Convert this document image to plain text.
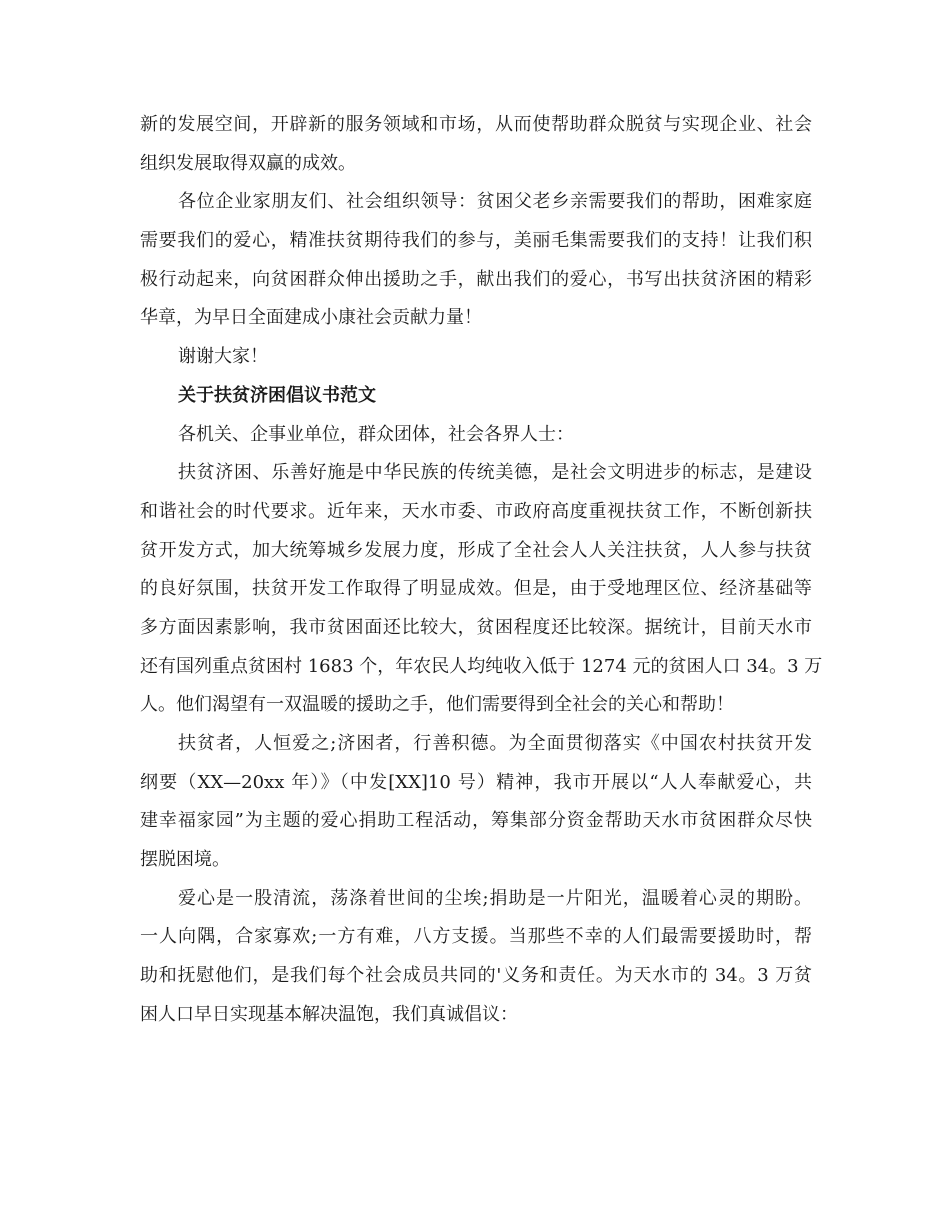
新的发展空间，开辟新的服务领域和市场，从而使帮助群众脱贫与实现企业、社会
组织发展取得双赢的成效。
各位企业家朋友们、社会组织领导：贫困父老乡亲需要我们的帮助，困难家庭
需要我们的爱心，精准扶贫期待我们的参与，美丽毛集需要我们的支持！让我们积
极行动起来，向贫困群众伸出援助之手，献出我们的爱心，书写出扶贫济困的精彩
华章，为早日全面建成小康社会贡献力量！
谢谢大家！
关于扶贫济困倡议书范文
各机关、企事业单位，群众团体，社会各界人士：
扶贫济困、乐善好施是中华民族的传统美德，是社会文明进步的标志，是建设
和谐社会的时代要求。近年来，天水市委、市政府高度重视扶贫工作，不断创新扶
贫开发方式，加大统筹城乡发展力度，形成了全社会人人关注扶贫，人人参与扶贫
的良好氛围，扶贫开发工作取得了明显成效。但是，由于受地理区位、经济基础等
多方面因素影响，我市贫困面还比较大，贫困程度还比较深。据统计，目前天水市
还有国列重点贫困村 1683 个，年农民人均纯收入低于 1274 元的贫困人口 34。3 万
人。他们渴望有一双温暖的援助之手，他们需要得到全社会的关心和帮助！
扶贫者，人恒爱之;济困者，行善积德。为全面贯彻落实《中国农村扶贫开发
纲要（XX—20xx 年）》（中发[XX]10 号）精神，我市开展以“人人奉献爱心，共
建幸福家园”为主题的爱心捐助工程活动，筹集部分资金帮助天水市贫困群众尽快
摆脱困境。
爱心是一股清流，荡涤着世间的尘埃;捐助是一片阳光，温暖着心灵的期盼。
一人向隅，合家寡欢;一方有难，八方支援。当那些不幸的人们最需要援助时，帮
助和抚慰他们，是我们每个社会成员共同的'义务和责任。为天水市的 34。3 万贫
困人口早日实现基本解决温饱，我们真诚倡议：
